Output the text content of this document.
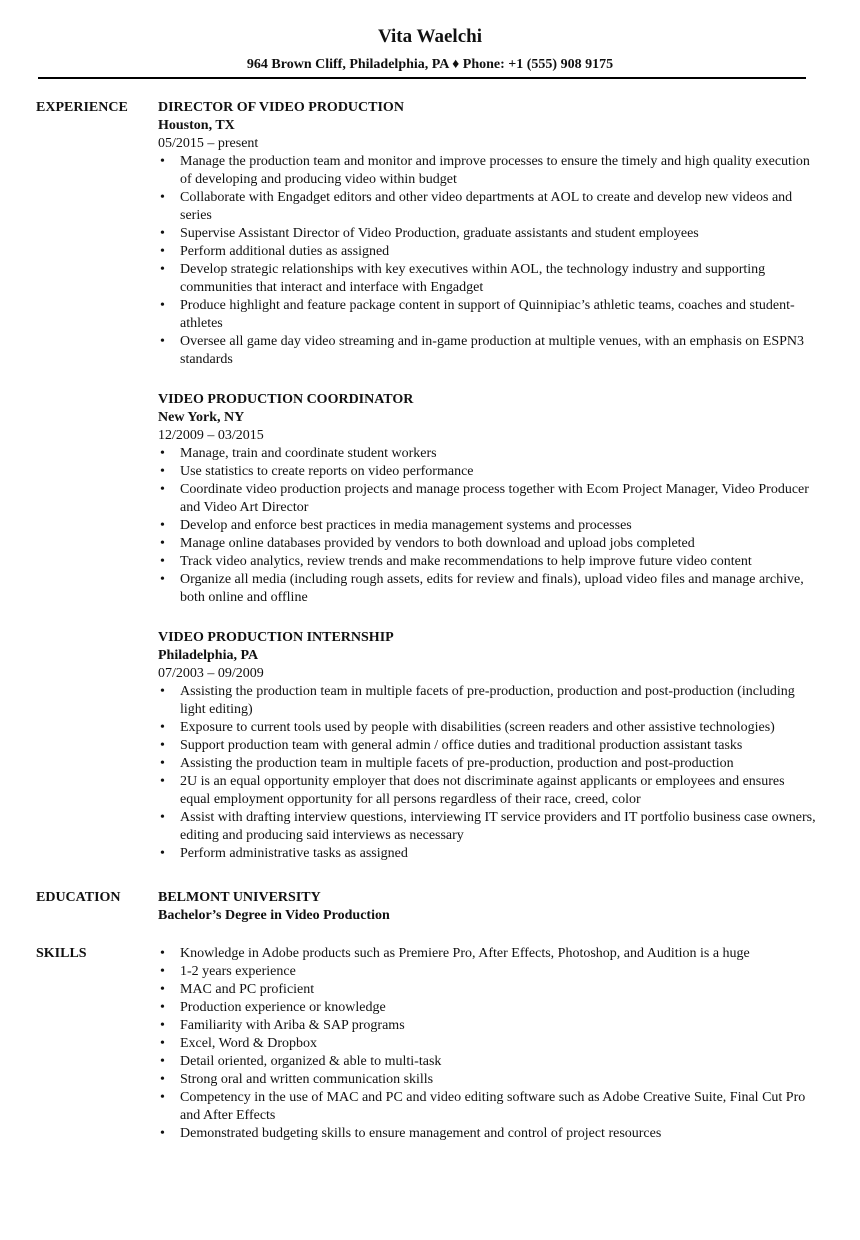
Vita Waelchi
964 Brown Cliff, Philadelphia, PA ♦ Phone: +1 (555) 908 9175
EXPERIENCE DIRECTOR OF VIDEO PRODUCTION
Houston, TX
05/2015 – present
• Manage the production team and monitor and improve processes to ensure the timely and high quality execution of developing and producing video within budget
• Collaborate with Engadget editors and other video departments at AOL to create and develop new videos and series
• Supervise Assistant Director of Video Production, graduate assistants and student employees
• Perform additional duties as assigned
• Develop strategic relationships with key executives within AOL, the technology industry and supporting communities that interact and interface with Engadget
• Produce highlight and feature package content in support of Quinnipiac’s athletic teams, coaches and student-athletes
• Oversee all game day video streaming and in-game production at multiple venues, with an emphasis on ESPN3 standards
VIDEO PRODUCTION COORDINATOR
New York, NY
12/2009 – 03/2015
• Manage, train and coordinate student workers
• Use statistics to create reports on video performance
• Coordinate video production projects and manage process together with Ecom Project Manager, Video Producer and Video Art Director
• Develop and enforce best practices in media management systems and processes
• Manage online databases provided by vendors to both download and upload jobs completed
• Track video analytics, review trends and make recommendations to help improve future video content
• Organize all media (including rough assets, edits for review and finals), upload video files and manage archive, both online and offline
VIDEO PRODUCTION INTERNSHIP
Philadelphia, PA
07/2003 – 09/2009
• Assisting the production team in multiple facets of pre-production, production and post-production (including light editing)
• Exposure to current tools used by people with disabilities (screen readers and other assistive technologies)
• Support production team with general admin / office duties and traditional production assistant tasks
• Assisting the production team in multiple facets of pre-production, production and post-production
• 2U is an equal opportunity employer that does not discriminate against applicants or employees and ensures equal employment opportunity for all persons regardless of their race, creed, color
• Assist with drafting interview questions, interviewing IT service providers and IT portfolio business case owners, editing and producing said interviews as necessary
• Perform administrative tasks as assigned
EDUCATION	BELMONT UNIVERSITY
Bachelor’s Degree in Video Production
SKILLS
•	Knowledge in Adobe products such as Premiere Pro, After Effects, Photoshop, and Audition is a huge
• 1-2 years experience
• MAC and PC proficient
• Production experience or knowledge
• Familiarity with Ariba & SAP programs
• Excel, Word & Dropbox
• Detail oriented, organized & able to multi-task
• Strong oral and written communication skills
• Competency in the use of MAC and PC and video editing software such as Adobe Creative Suite, Final Cut Pro and After Effects
• Demonstrated budgeting skills to ensure management and control of project resources
